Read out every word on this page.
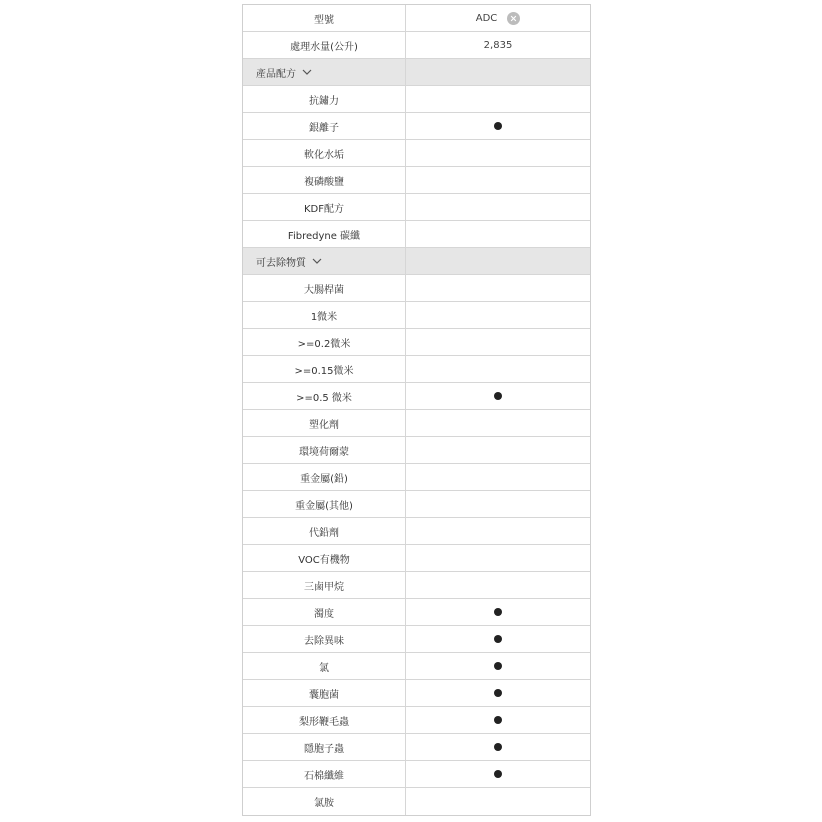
型號	ADC
處理水量(公升)	2,835
產品配方
抗鏽力
銀離子
軟化水垢
複磷酸鹽
KDF配方
Fibredyne 碳纖
可去除物質
大腸桿菌
1微米
>=0.2微米
>=0.15微米
>=0.5 微米
塑化劑
環境荷爾蒙
重金屬(鉛)
重金屬(其他)
代鉛劑
VOC有機物
三鹵甲烷
濁度
去除異味
氯
囊胞菌
梨形鞭毛蟲
隱胞子蟲
石棉纖維
氯胺
